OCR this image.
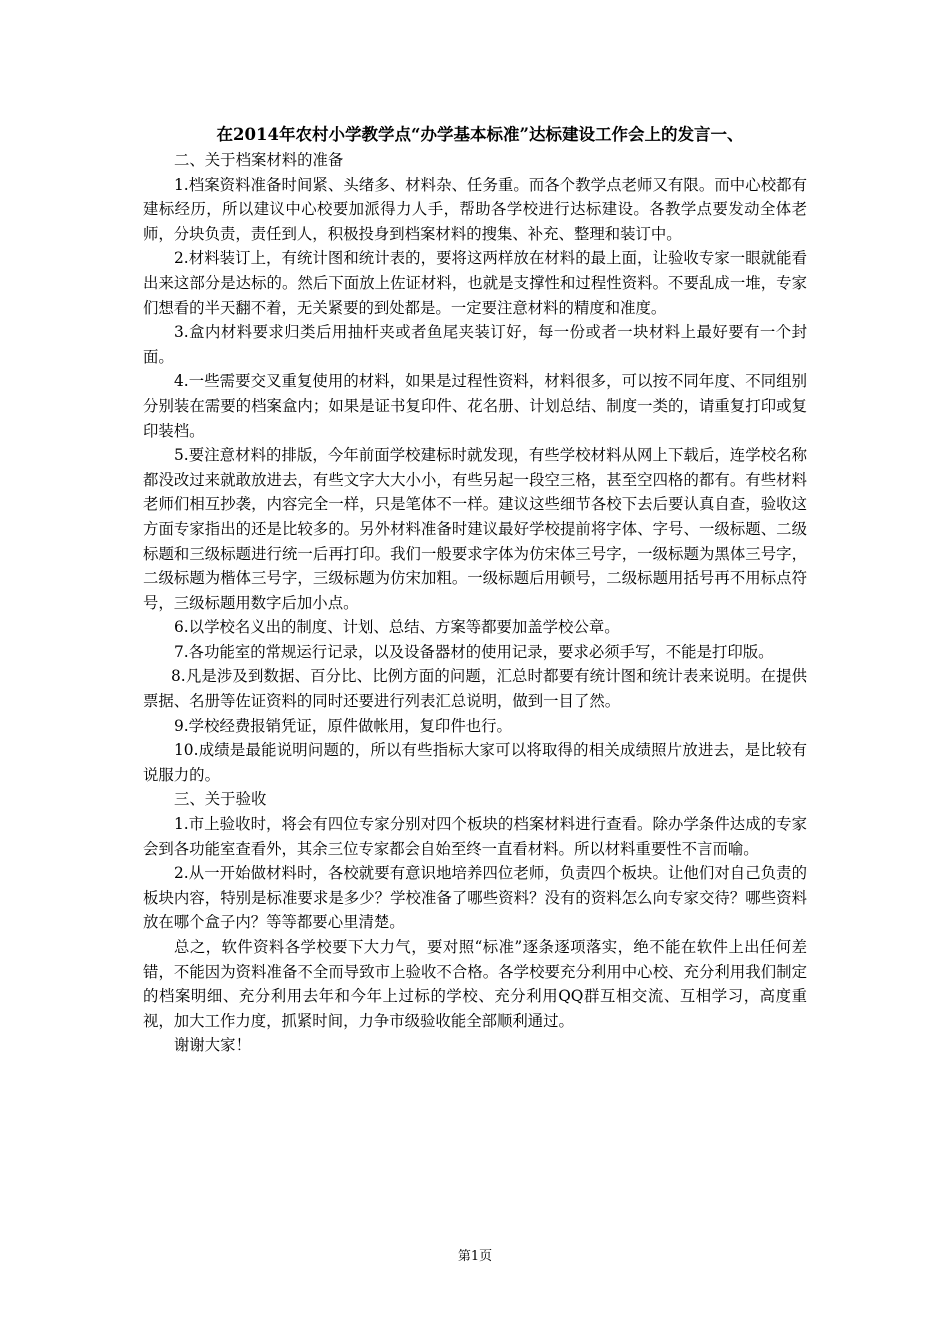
在2014年农村小学教学点“办学基本标准”达标建设工作会上的发言一、

二、关于档案材料的准备

1.档案资料准备时间紧、头绪多、材料杂、任务重。而各个教学点老师又有限。而中心校都有建标经历，所以建议中心校要加派得力人手，帮助各学校进行达标建设。各教学点要发动全体老师，分块负责，责任到人，积极投身到档案材料的搜集、补充、整理和装订中。

2.材料装订上，有统计图和统计表的，要将这两样放在材料的最上面，让验收专家一眼就能看出来这部分是达标的。然后下面放上佐证材料，也就是支撑性和过程性资料。不要乱成一堆，专家们想看的半天翻不着，无关紧要的到处都是。一定要注意材料的精度和准度。

3.盒内材料要求归类后用抽杆夹或者鱼尾夹装订好，每一份或者一块材料上最好要有一个封面。

4.一些需要交叉重复使用的材料，如果是过程性资料，材料很多，可以按不同年度、不同组别分别装在需要的档案盒内；如果是证书复印件、花名册、计划总结、制度一类的，请重复打印或复印装档。

5.要注意材料的排版，今年前面学校建标时就发现，有些学校材料从网上下载后，连学校名称都没改过来就敢放进去，有些文字大大小小，有些另起一段空三格，甚至空四格的都有。有些材料老师们相互抄袭，内容完全一样，只是笔体不一样。建议这些细节各校下去后要认真自查，验收这方面专家指出的还是比较多的。另外材料准备时建议最好学校提前将字体、字号、一级标题、二级标题和三级标题进行统一后再打印。我们一般要求字体为仿宋体三号字，一级标题为黑体三号字，二级标题为楷体三号字，三级标题为仿宋加粗。一级标题后用顿号，二级标题用括号再不用标点符号，三级标题用数字后加小点。

6.以学校名义出的制度、计划、总结、方案等都要加盖学校公章。

7.各功能室的常规运行记录，以及设备器材的使用记录，要求必须手写，不能是打印版。

8.凡是涉及到数据、百分比、比例方面的问题，汇总时都要有统计图和统计表来说明。在提供票据、名册等佐证资料的同时还要进行列表汇总说明，做到一目了然。

9.学校经费报销凭证，原件做帐用，复印件也行。

10.成绩是最能说明问题的，所以有些指标大家可以将取得的相关成绩照片放进去，是比较有说服力的。

三、关于验收

1.市上验收时，将会有四位专家分别对四个板块的档案材料进行查看。除办学条件达成的专家会到各功能室查看外，其余三位专家都会自始至终一直看材料。所以材料重要性不言而喻。

2.从一开始做材料时，各校就要有意识地培养四位老师，负责四个板块。让他们对自己负责的板块内容，特别是标准要求是多少？学校准备了哪些资料？没有的资料怎么向专家交待？哪些资料放在哪个盒子内？等等都要心里清楚。

总之，软件资料各学校要下大力气，要对照“标准”逐条逐项落实，绝不能在软件上出任何差错，不能因为资料准备不全而导致市上验收不合格。各学校要充分利用中心校、充分利用我们制定的档案明细、充分利用去年和今年上过标的学校、充分利用QQ群互相交流、互相学习，高度重视，加大工作力度，抓紧时间，力争市级验收能全部顺利通过。

谢谢大家！

第1页
